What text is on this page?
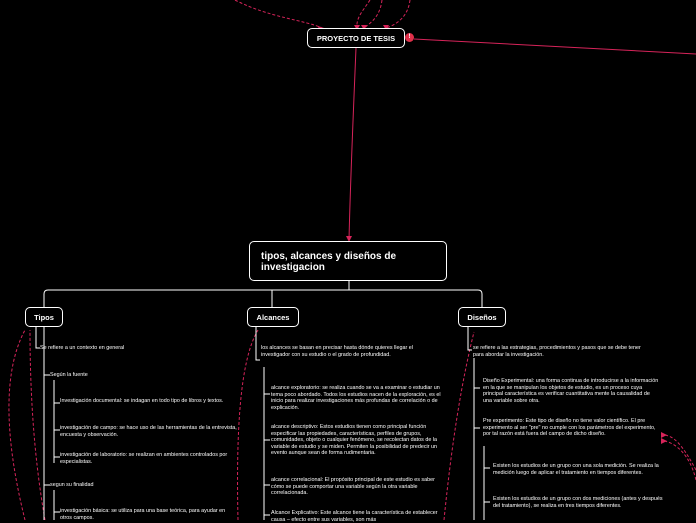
PROYECTO DE TESIS	!
tipos, alcances y diseños de investigacion
Tipos	Alcances	Diseños
Se refiere a un contexto en general
Según la fuente
Investigación documental: se indagan en todo tipo de libros y textos.
investigación de campo: se hace uso de las herramientas de la entrevista, encuesta y observación.
investigación de laboratorio: se realizan en ambientes controlados por especialistas.
segun su finalidad
investigación básica: se utiliza para una base teórica, para ayudar en otros campos.
los alcances se basan en precisar hasta dónde quieres llegar el investigador con su estudio o el grado de profundidad.
alcance exploratorio: se realiza cuando se va a examinar o estudiar un tema poco abordado. Todos los estudios nacen de la exploración, es el inicio para realizar investigaciones más profundas de correlación o de explicación.
alcance descriptivo: Estos estudios tienen como principal función especificar las propiedades, características, perfiles de grupos, comunidades, objeto o cualquier fenómeno, se recolectan datos de la variable de estudio y se miden. Permiten la posibilidad de predecir un evento aunque sean de forma rudimentaria.
alcance correlacional: El propósito principal de este estudio es saber cómo se puede comportar una variable según la otra variable correlacionada.
Alcance Explicativo: Este alcance tiene la característica de establecer causa – efecto entre sus variables, son más
se refiere a las estrategias, procedimientos y pasos que se debe tener para abordar la investigación.
Diseño Experimental: una forma continua de introducirse a la información en la que se manipulan los objetos de estudio, es un proceso cuya principal característica es verificar cuantitativa mente la causalidad de una variable sobre otra.
Pre experimento: Este tipo de diseño no tiene valor científico. El pre experimento al ser "pre" no cumple con los parámetros del experimento, por tal razón está fuera del campo de dicho diseño.
Existen los estudios de un grupo con una sola medición. Se realiza la medición luego de aplicar el tratamiento en tiempos diferentes.
Existen los estudios de un grupo con dos mediciones (antes y después del tratamiento), se realiza en tres tiempos diferentes.
